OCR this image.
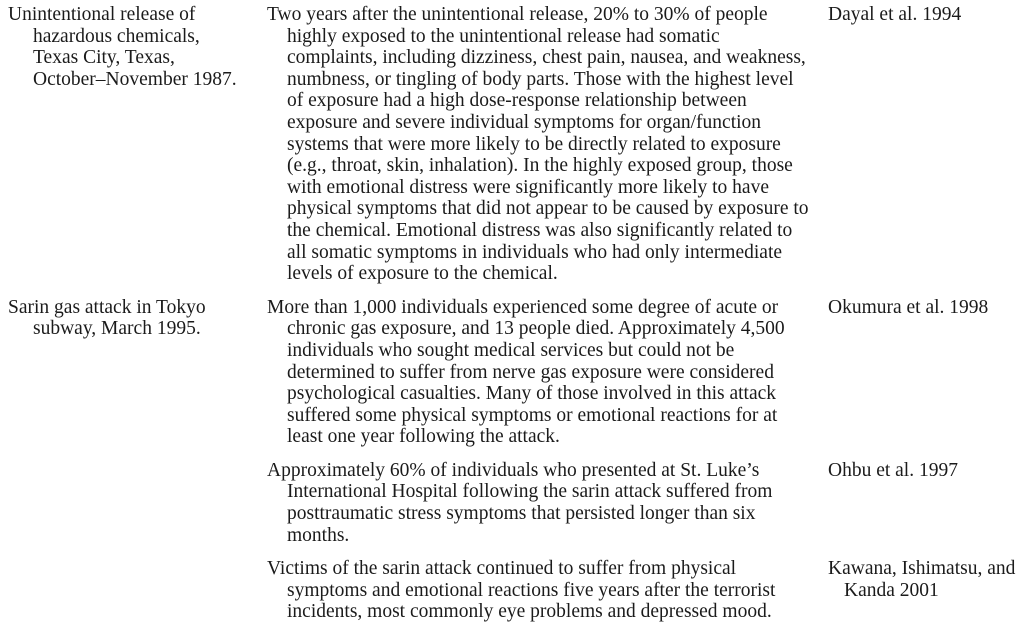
Unintentional release of hazardous chemicals, Texas City, Texas, October–November 1987.
Two years after the unintentional release, 20% to 30% of people highly exposed to the unintentional release had somatic complaints, including dizziness, chest pain, nausea, and weakness, numbness, or tingling of body parts. Those with the highest level of exposure had a high dose-response relationship between exposure and severe individual symptoms for organ/function systems that were more likely to be directly related to exposure (e.g., throat, skin, inhalation). In the highly exposed group, those with emotional distress were significantly more likely to have physical symptoms that did not appear to be caused by exposure to the chemical. Emotional distress was also significantly related to all somatic symptoms in individuals who had only intermediate levels of exposure to the chemical.
Dayal et al. 1994
Sarin gas attack in Tokyo subway, March 1995.
More than 1,000 individuals experienced some degree of acute or chronic gas exposure, and 13 people died. Approximately 4,500 individuals who sought medical services but could not be determined to suffer from nerve gas exposure were considered psychological casualties. Many of those involved in this attack suffered some physical symptoms or emotional reactions for at least one year following the attack.
Okumura et al. 1998
Approximately 60% of individuals who presented at St. Luke’s International Hospital following the sarin attack suffered from posttraumatic stress symptoms that persisted longer than six months.
Ohbu et al. 1997
Victims of the sarin attack continued to suffer from physical symptoms and emotional reactions five years after the terrorist incidents, most commonly eye problems and depressed mood.
Kawana, Ishimatsu, and Kanda 2001
